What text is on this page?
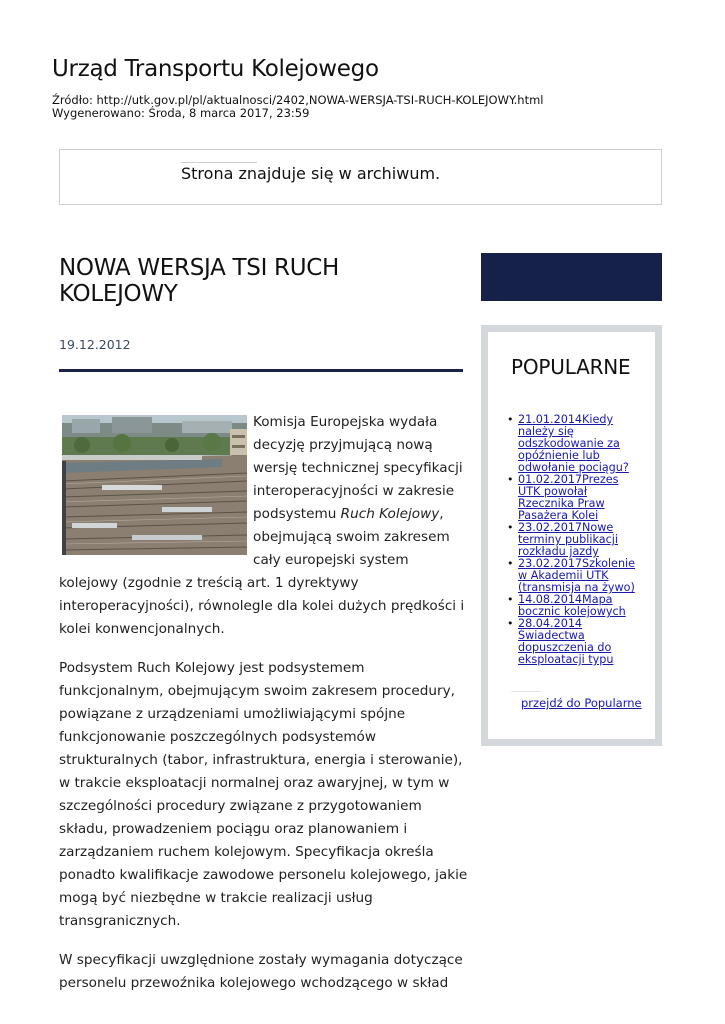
Urząd Transportu Kolejowego
Źródło: http://utk.gov.pl/pl/aktualnosci/2402,NOWA-WERSJA-TSI-RUCH-KOLEJOWY.html
Wygenerowano: Środa, 8 marca 2017, 23:59
Strona znajduje się w archiwum.
NOWA WERSJA TSI RUCH KOLEJOWY
19.12.2012

Komisja Europejska wydała decyzję przyjmującą nową wersję technicznej specyfikacji interoperacyjności w zakresie podsystemu Ruch Kolejowy, obejmującą swoim zakresem cały europejski system kolejowy (zgodnie z treścią art. 1 dyrektywy interoperacyjności), równolegle dla kolei dużych prędkości i kolei konwencjonalnych.

Podsystem Ruch Kolejowy jest podsystemem funkcjonalnym, obejmującym swoim zakresem procedury, powiązane z urządzeniami umożliwiającymi spójne funkcjonowanie poszczególnych podsystemów strukturalnych (tabor, infrastruktura, energia i sterowanie), w trakcie eksploatacji normalnej oraz awaryjnej, w tym w szczególności procedury związane z przygotowaniem składu, prowadzeniem pociągu oraz planowaniem i zarządzaniem ruchem kolejowym. Specyfikacja określa ponadto kwalifikacje zawodowe personelu kolejowego, jakie mogą być niezbędne w trakcie realizacji usług transgranicznych.

W specyfikacji uwzględnione zostały wymagania dotyczące personelu przewoźnika kolejowego wchodzącego w skład

POPULARNE
• 21.01.2014Kiedy należy się odszkodowanie za opóźnienie lub odwołanie pociągu?
• 01.02.2017Prezes UTK powołał Rzecznika Praw Pasażera Kolei
• 23.02.2017Nowe terminy publikacji rozkładu jazdy
• 23.02.2017Szkolenie w Akademii UTK (transmisja na żywo)
• 14.08.2014Mapa bocznic kolejowych
• 28.04.2014 Świadectwa dopuszczenia do eksploatacji typu
przejdź do Popularne
